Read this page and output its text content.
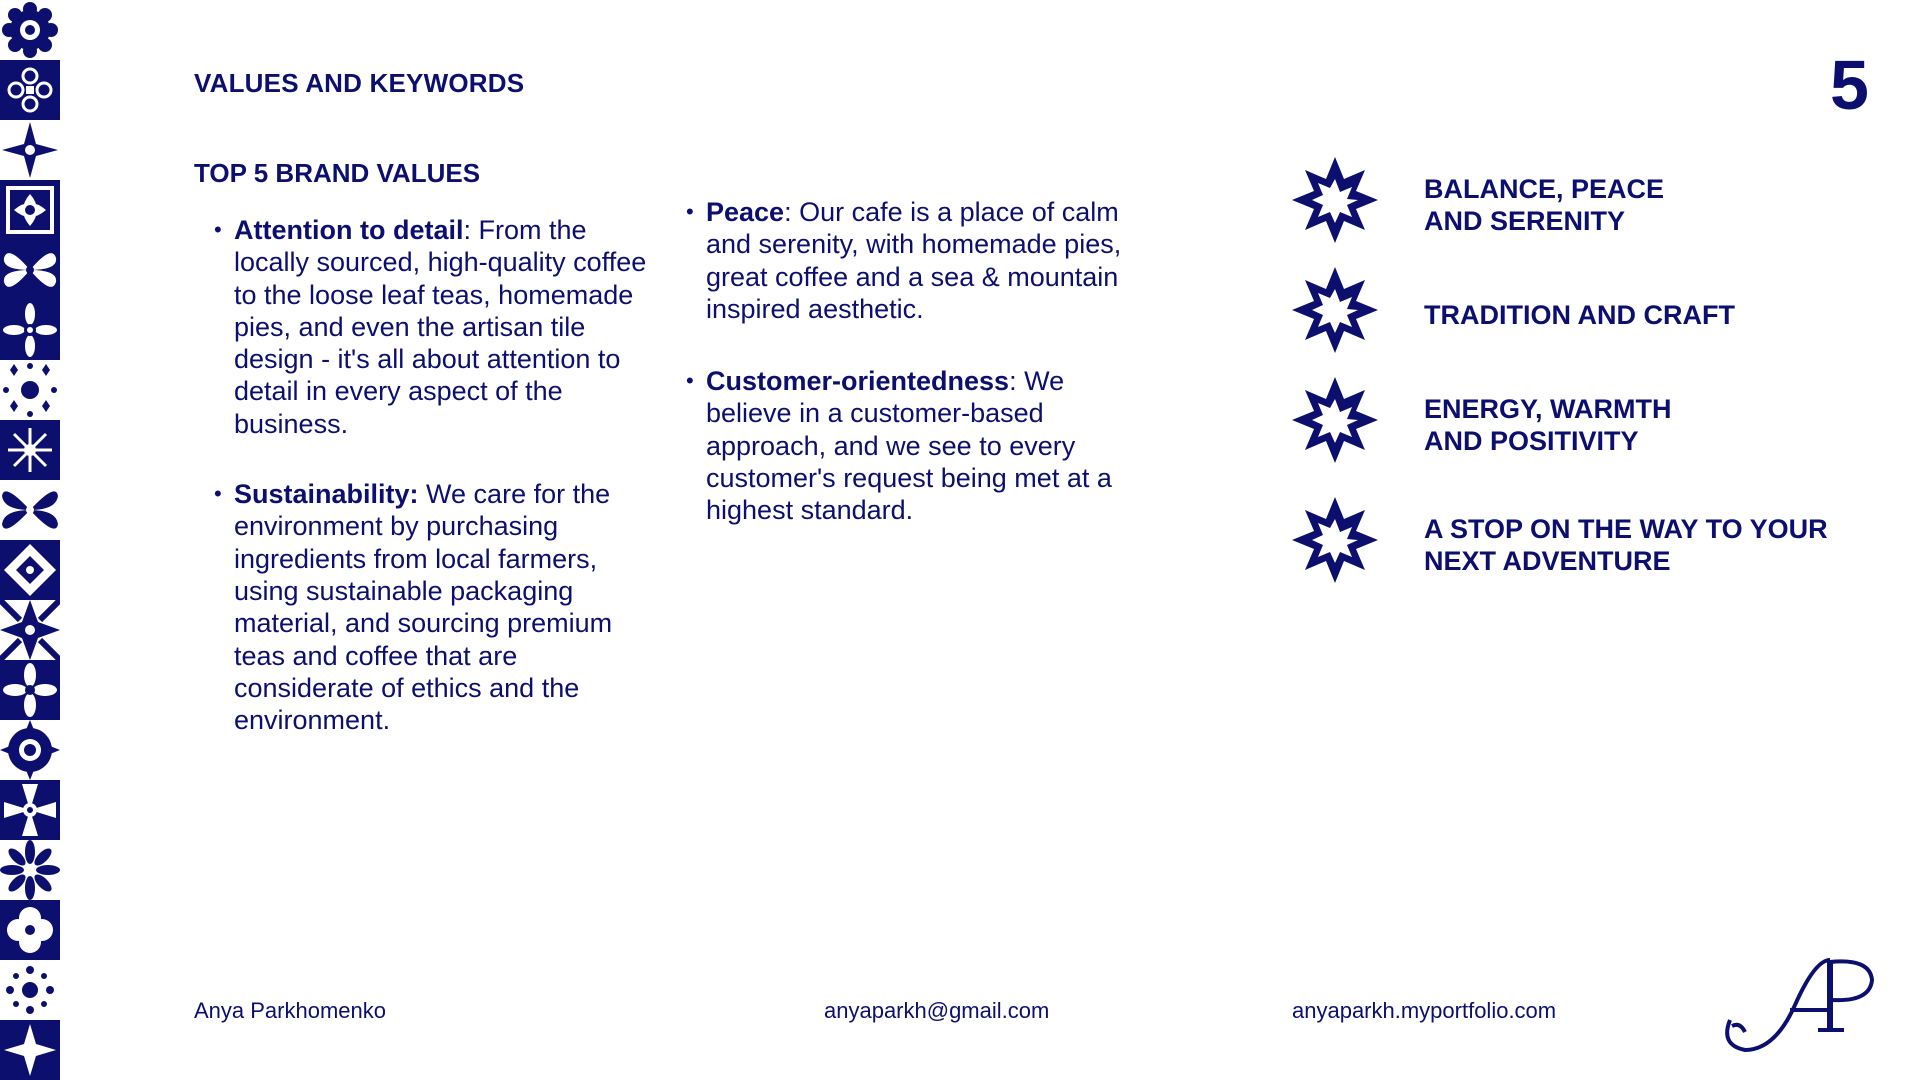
VALUES AND KEYWORDS	5
TOP 5 BRAND VALUES
• Attention to detail: From the locally sourced, high-quality coffee to the loose leaf teas, homemade pies, and even the artisan tile design - it's all about attention to detail in every aspect of the business.
• Sustainability: We care for the environment by purchasing ingredients from local farmers, using sustainable packaging material, and sourcing premium teas and coffee that are considerate of ethics and the environment.
• Peace: Our cafe is a place of calm and serenity, with homemade pies, great coffee and a sea & mountain inspired aesthetic.
• Customer-orientedness: We believe in a customer-based approach, and we see to every customer's request being met at a highest standard.
BALANCE, PEACE
AND SERENITY
TRADITION AND CRAFT
ENERGY, WARMTH
AND POSITIVITY
A STOP ON THE WAY TO YOUR
NEXT ADVENTURE
Anya Parkhomenko	anyaparkh@gmail.com	anyaparkh.myportfolio.com
